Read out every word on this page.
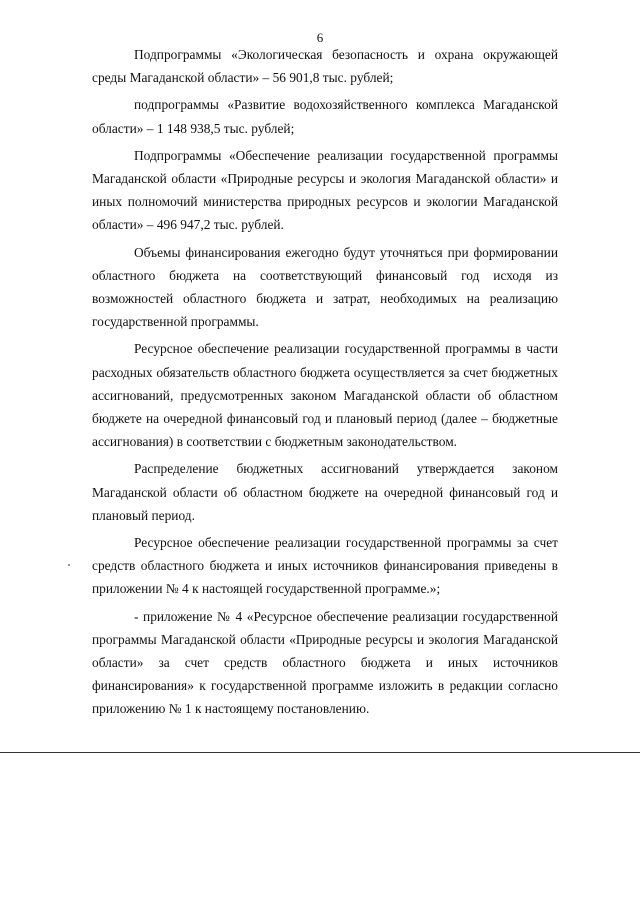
6

Подпрограммы «Экологическая безопасность и охрана окружающей среды Магаданской области» – 56 901,8 тыс. рублей;

подпрограммы «Развитие водохозяйственного комплекса Магаданской области» – 1 148 938,5 тыс. рублей;

Подпрограммы «Обеспечение реализации государственной программы Магаданской области «Природные ресурсы и экология Магаданской области» и иных полномочий министерства природных ресурсов и экологии Магаданской области» – 496 947,2 тыс. рублей.

Объемы финансирования ежегодно будут уточняться при формировании областного бюджета на соответствующий финансовый год исходя из возможностей областного бюджета и затрат, необходимых на реализацию государственной программы.

Ресурсное обеспечение реализации государственной программы в части расходных обязательств областного бюджета осуществляется за счет бюджетных ассигнований, предусмотренных законом Магаданской области об областном бюджете на очередной финансовый год и плановый период (далее – бюджетные ассигнования) в соответствии с бюджетным законодательством.

Распределение бюджетных ассигнований утверждается законом Магаданской области об областном бюджете на очередной финансовый год и плановый период.

Ресурсное обеспечение реализации государственной программы за счет средств областного бюджета и иных источников финансирования приведены в приложении № 4 к настоящей государственной программе.»;

- приложение № 4 «Ресурсное обеспечение реализации государственной программы Магаданской области «Природные ресурсы и экология Магаданской области» за счет средств областного бюджета и иных источников финансирования» к государственной программе изложить в редакции согласно приложению № 1 к настоящему постановлению.
